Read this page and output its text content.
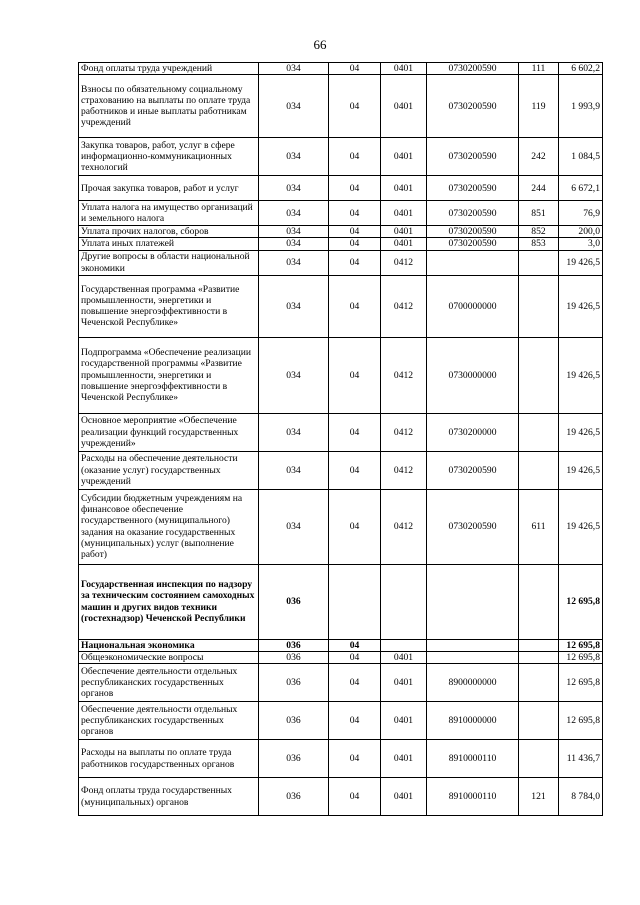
66
Фонд оплаты труда учреждений	034	04	0401	0730200590	111	6 602,2
Взносы по обязательному социальному страхованию на выплаты по оплате труда работников и иные выплаты работникам учреждений	034	04	0401	0730200590	119	1 993,9
Закупка товаров, работ, услуг в сфере информационно-коммуникационных технологий	034	04	0401	0730200590	242	1 084,5
Прочая закупка товаров, работ и услуг	034	04	0401	0730200590	244	6 672,1
Уплата налога на имущество организаций и земельного налога	034	04	0401	0730200590	851	76,9
Уплата прочих налогов, сборов	034	04	0401	0730200590	852	200,0
Уплата иных платежей	034	04	0401	0730200590	853	3,0
Другие вопросы в области национальной экономики	034	04	0412			19 426,5
Государственная программа «Развитие промышленности, энергетики и повышение энергоэффективности в Чеченской Республике»	034	04	0412	0700000000		19 426,5
Подпрограмма «Обеспечение реализации государственной программы «Развитие промышленности, энергетики и повышение энергоэффективности в Чеченской Республике»	034	04	0412	0730000000		19 426,5
Основное мероприятие «Обеспечение реализации функций государственных учреждений»	034	04	0412	0730200000		19 426,5
Расходы на обеспечение деятельности (оказание услуг) государственных учреждений	034	04	0412	0730200590		19 426,5
Субсидии бюджетным учреждениям на финансовое обеспечение государственного (муниципального) задания на оказание государственных (муниципальных) услуг (выполнение работ)	034	04	0412	0730200590	611	19 426,5
Государственная инспекция по надзору за техническим состоянием самоходных машин и других видов техники (гостехнадзор) Чеченской Республики	036					12 695,8
Национальная экономика	036	04				12 695,8
Общеэкономические вопросы	036	04	0401			12 695,8
Обеспечение деятельности отдельных республиканских государственных органов	036	04	0401	8900000000		12 695,8
Обеспечение деятельности отдельных республиканских государственных органов	036	04	0401	8910000000		12 695,8
Расходы на выплаты по оплате труда работников государственных органов	036	04	0401	8910000110		11 436,7
Фонд оплаты труда государственных (муниципальных) органов	036	04	0401	8910000110	121	8 784,0
